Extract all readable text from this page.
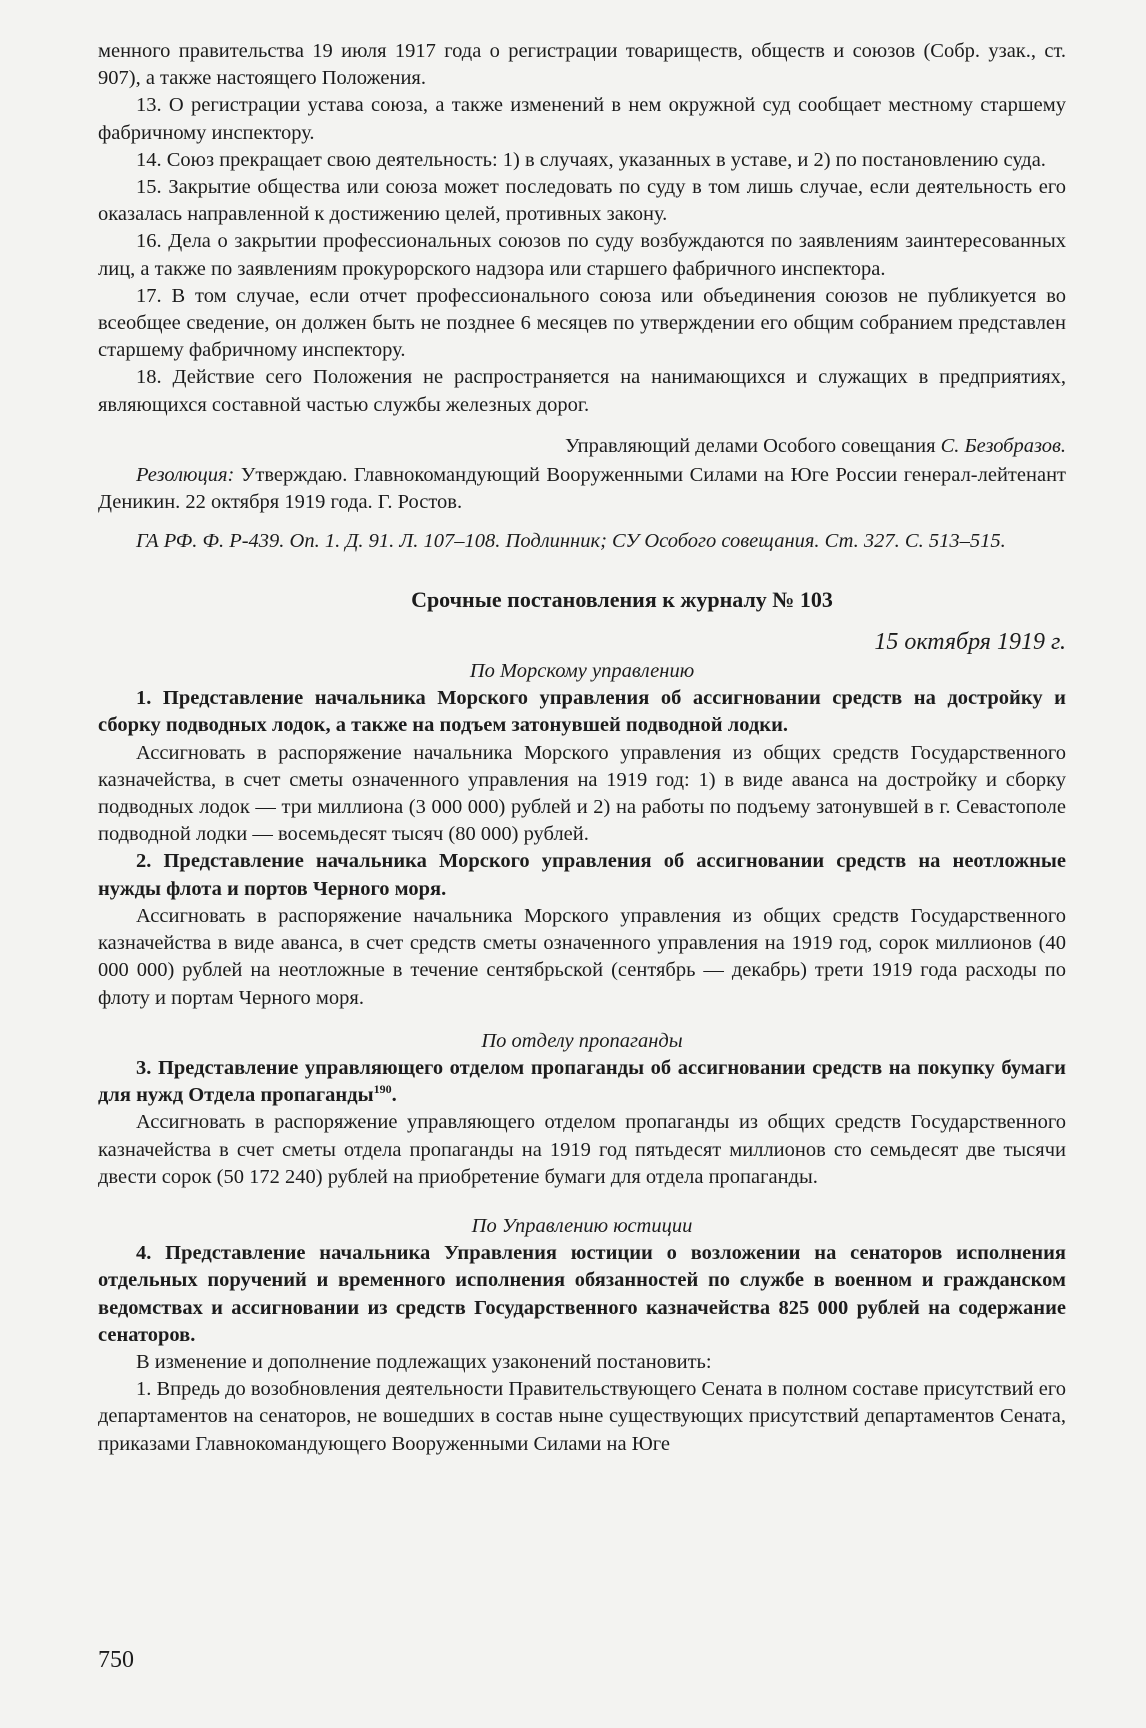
менного правительства 19 июля 1917 года о регистрации товариществ, обществ и союзов (Собр. узак., ст. 907), а также настоящего Положения.

13. О регистрации устава союза, а также изменений в нем окружной суд сообщает местному старшему фабричному инспектору.

14. Союз прекращает свою деятельность: 1) в случаях, указанных в уставе, и 2) по постановлению суда.

15. Закрытие общества или союза может последовать по суду в том лишь случае, если деятельность его оказалась направленной к достижению целей, противных закону.

16. Дела о закрытии профессиональных союзов по суду возбуждаются по заявлениям заинтересованных лиц, а также по заявлениям прокурорского надзора или старшего фабричного инспектора.

17. В том случае, если отчет профессионального союза или объединения союзов не публикуется во всеобщее сведение, он должен быть не позднее 6 месяцев по утверждении его общим собранием представлен старшему фабричному инспектору.

18. Действие сего Положения не распространяется на нанимающихся и служащих в предприятиях, являющихся составной частью службы железных дорог.

Управляющий делами Особого совещания С. Безобразов.

Резолюция: Утверждаю. Главнокомандующий Вооруженными Силами на Юге России генерал-лейтенант Деникин. 22 октября 1919 года. Г. Ростов.

ГА РФ. Ф. Р-439. Оп. 1. Д. 91. Л. 107–108. Подлинник; СУ Особого совещания. Ст. 327. С. 513–515.

Срочные постановления к журналу № 103

15 октября 1919 г.

По Морскому управлению

1. Представление начальника Морского управления об ассигновании средств на достройку и сборку подводных лодок, а также на подъем затонувшей подводной лодки.

Ассигновать в распоряжение начальника Морского управления из общих средств Государственного казначейства, в счет сметы означенного управления на 1919 год: 1) в виде аванса на достройку и сборку подводных лодок — три миллиона (3 000 000) рублей и 2) на работы по подъему затонувшей в г. Севастополе подводной лодки — восемьдесят тысяч (80 000) рублей.

2. Представление начальника Морского управления об ассигновании средств на неотложные нужды флота и портов Черного моря.

Ассигновать в распоряжение начальника Морского управления из общих средств Государственного казначейства в виде аванса, в счет средств сметы означенного управления на 1919 год, сорок миллионов (40 000 000) рублей на неотложные в течение сентябрьской (сентябрь — декабрь) трети 1919 года расходы по флоту и портам Черного моря.

По отделу пропаганды

3. Представление управляющего отделом пропаганды об ассигновании средств на покупку бумаги для нужд Отдела пропаганды$^{190}$.

Ассигновать в распоряжение управляющего отделом пропаганды из общих средств Государственного казначейства в счет сметы отдела пропаганды на 1919 год пятьдесят миллионов сто семьдесят две тысячи двести сорок (50 172 240) рублей на приобретение бумаги для отдела пропаганды.

По Управлению юстиции

4. Представление начальника Управления юстиции о возложении на сенаторов исполнения отдельных поручений и временного исполнения обязанностей по службе в военном и гражданском ведомствах и ассигновании из средств Государственного казначейства 825 000 рублей на содержание сенаторов.

В изменение и дополнение подлежащих узаконений постановить:

1. Впредь до возобновления деятельности Правительствующего Сената в полном составе присутствий его департаментов на сенаторов, не вошедших в состав ныне существующих присутствий департаментов Сената, приказами Главнокомандующего Вооруженными Силами на Юге

750
